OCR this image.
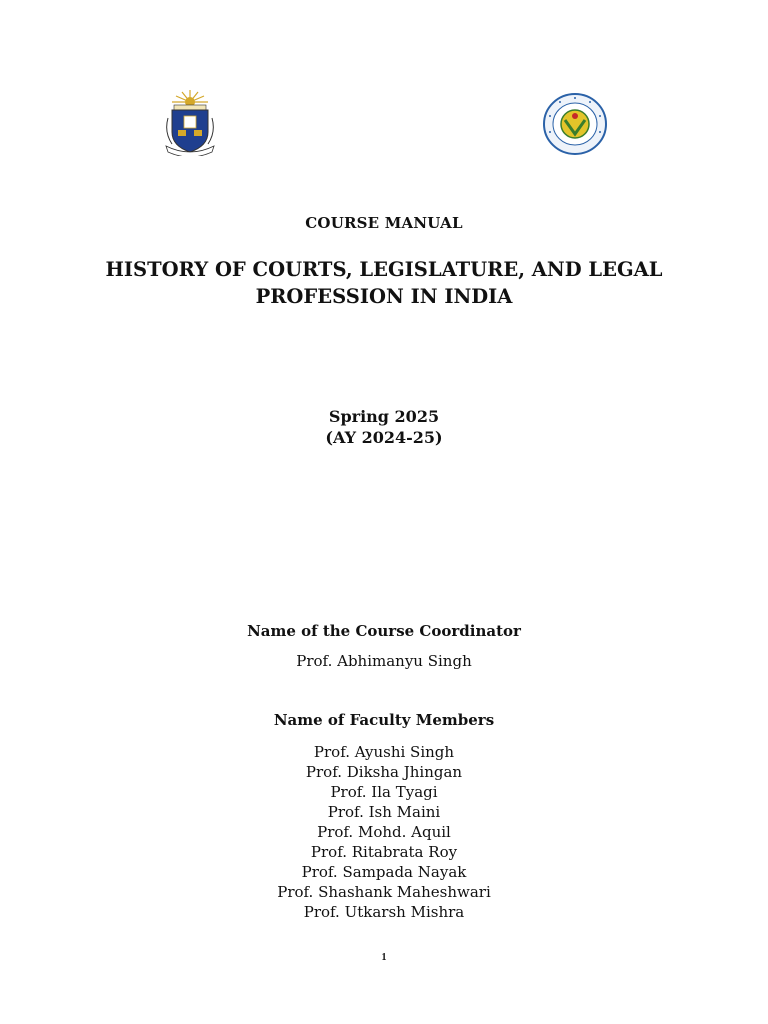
COURSE MANUAL
HISTORY OF COURTS, LEGISLATURE, AND LEGAL
PROFESSION IN INDIA
Spring 2025
(AY 2024-25)
Name of the Course Coordinator
Prof. Abhimanyu Singh
Name of Faculty Members
Prof. Ayushi Singh
Prof. Diksha Jhingan
Prof. Ila Tyagi
Prof. Ish Maini
Prof. Mohd. Aquil
Prof. Ritabrata Roy
Prof. Sampada Nayak
Prof. Shashank Maheshwari
Prof. Utkarsh Mishra
1
